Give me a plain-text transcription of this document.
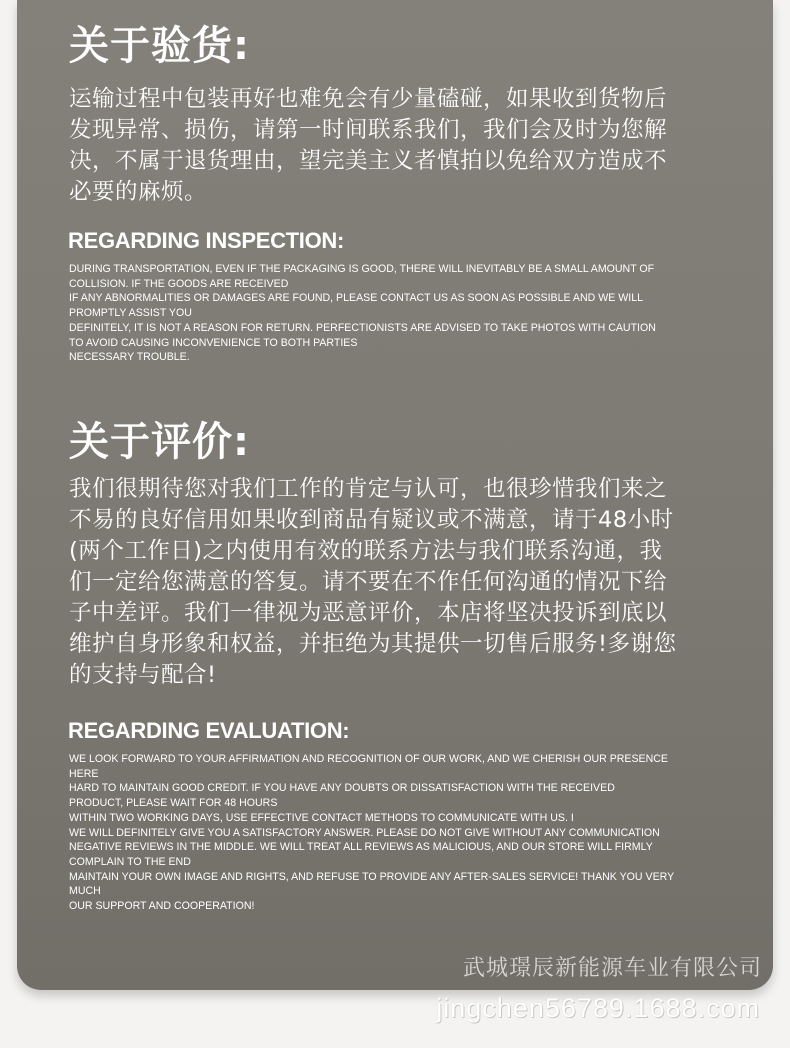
关于验货:
运输过程中包装再好也难免会有少量磕碰，如果收到货物后
发现异常、损伤，请第一时间联系我们，我们会及时为您解
决，不属于退货理由，望完美主义者慎拍以免给双方造成不
必要的麻烦。
REGARDING INSPECTION:
DURING TRANSPORTATION, EVEN IF THE PACKAGING IS GOOD, THERE WILL INEVITABLY BE A SMALL AMOUNT OF
COLLISION. IF THE GOODS ARE RECEIVED
IF ANY ABNORMALITIES OR DAMAGES ARE FOUND, PLEASE CONTACT US AS SOON AS POSSIBLE AND WE WILL
PROMPTLY ASSIST YOU
DEFINITELY, IT IS NOT A REASON FOR RETURN. PERFECTIONISTS ARE ADVISED TO TAKE PHOTOS WITH CAUTION
TO AVOID CAUSING INCONVENIENCE TO BOTH PARTIES
NECESSARY TROUBLE.
关于评价:
我们很期待您对我们工作的肯定与认可，也很珍惜我们来之
不易的良好信用如果收到商品有疑议或不满意，请于48小时
(两个工作日)之内使用有效的联系方法与我们联系沟通，我
们一定给您满意的答复。请不要在不作任何沟通的情况下给
子中差评。我们一律视为恶意评价，本店将坚决投诉到底以
维护自身形象和权益，并拒绝为其提供一切售后服务!多谢您
的支持与配合!
REGARDING EVALUATION:
WE LOOK FORWARD TO YOUR AFFIRMATION AND RECOGNITION OF OUR WORK, AND WE CHERISH OUR PRESENCE
HERE
HARD TO MAINTAIN GOOD CREDIT. IF YOU HAVE ANY DOUBTS OR DISSATISFACTION WITH THE RECEIVED
PRODUCT, PLEASE WAIT FOR 48 HOURS
WITHIN TWO WORKING DAYS, USE EFFECTIVE CONTACT METHODS TO COMMUNICATE WITH US. I
WE WILL DEFINITELY GIVE YOU A SATISFACTORY ANSWER. PLEASE DO NOT GIVE WITHOUT ANY COMMUNICATION
NEGATIVE REVIEWS IN THE MIDDLE. WE WILL TREAT ALL REVIEWS AS MALICIOUS, AND OUR STORE WILL FIRMLY
COMPLAIN TO THE END
MAINTAIN YOUR OWN IMAGE AND RIGHTS, AND REFUSE TO PROVIDE ANY AFTER-SALES SERVICE! THANK YOU VERY
MUCH
OUR SUPPORT AND COOPERATION!

武城璟辰新能源车业有限公司

jingchen56789.1688.com
